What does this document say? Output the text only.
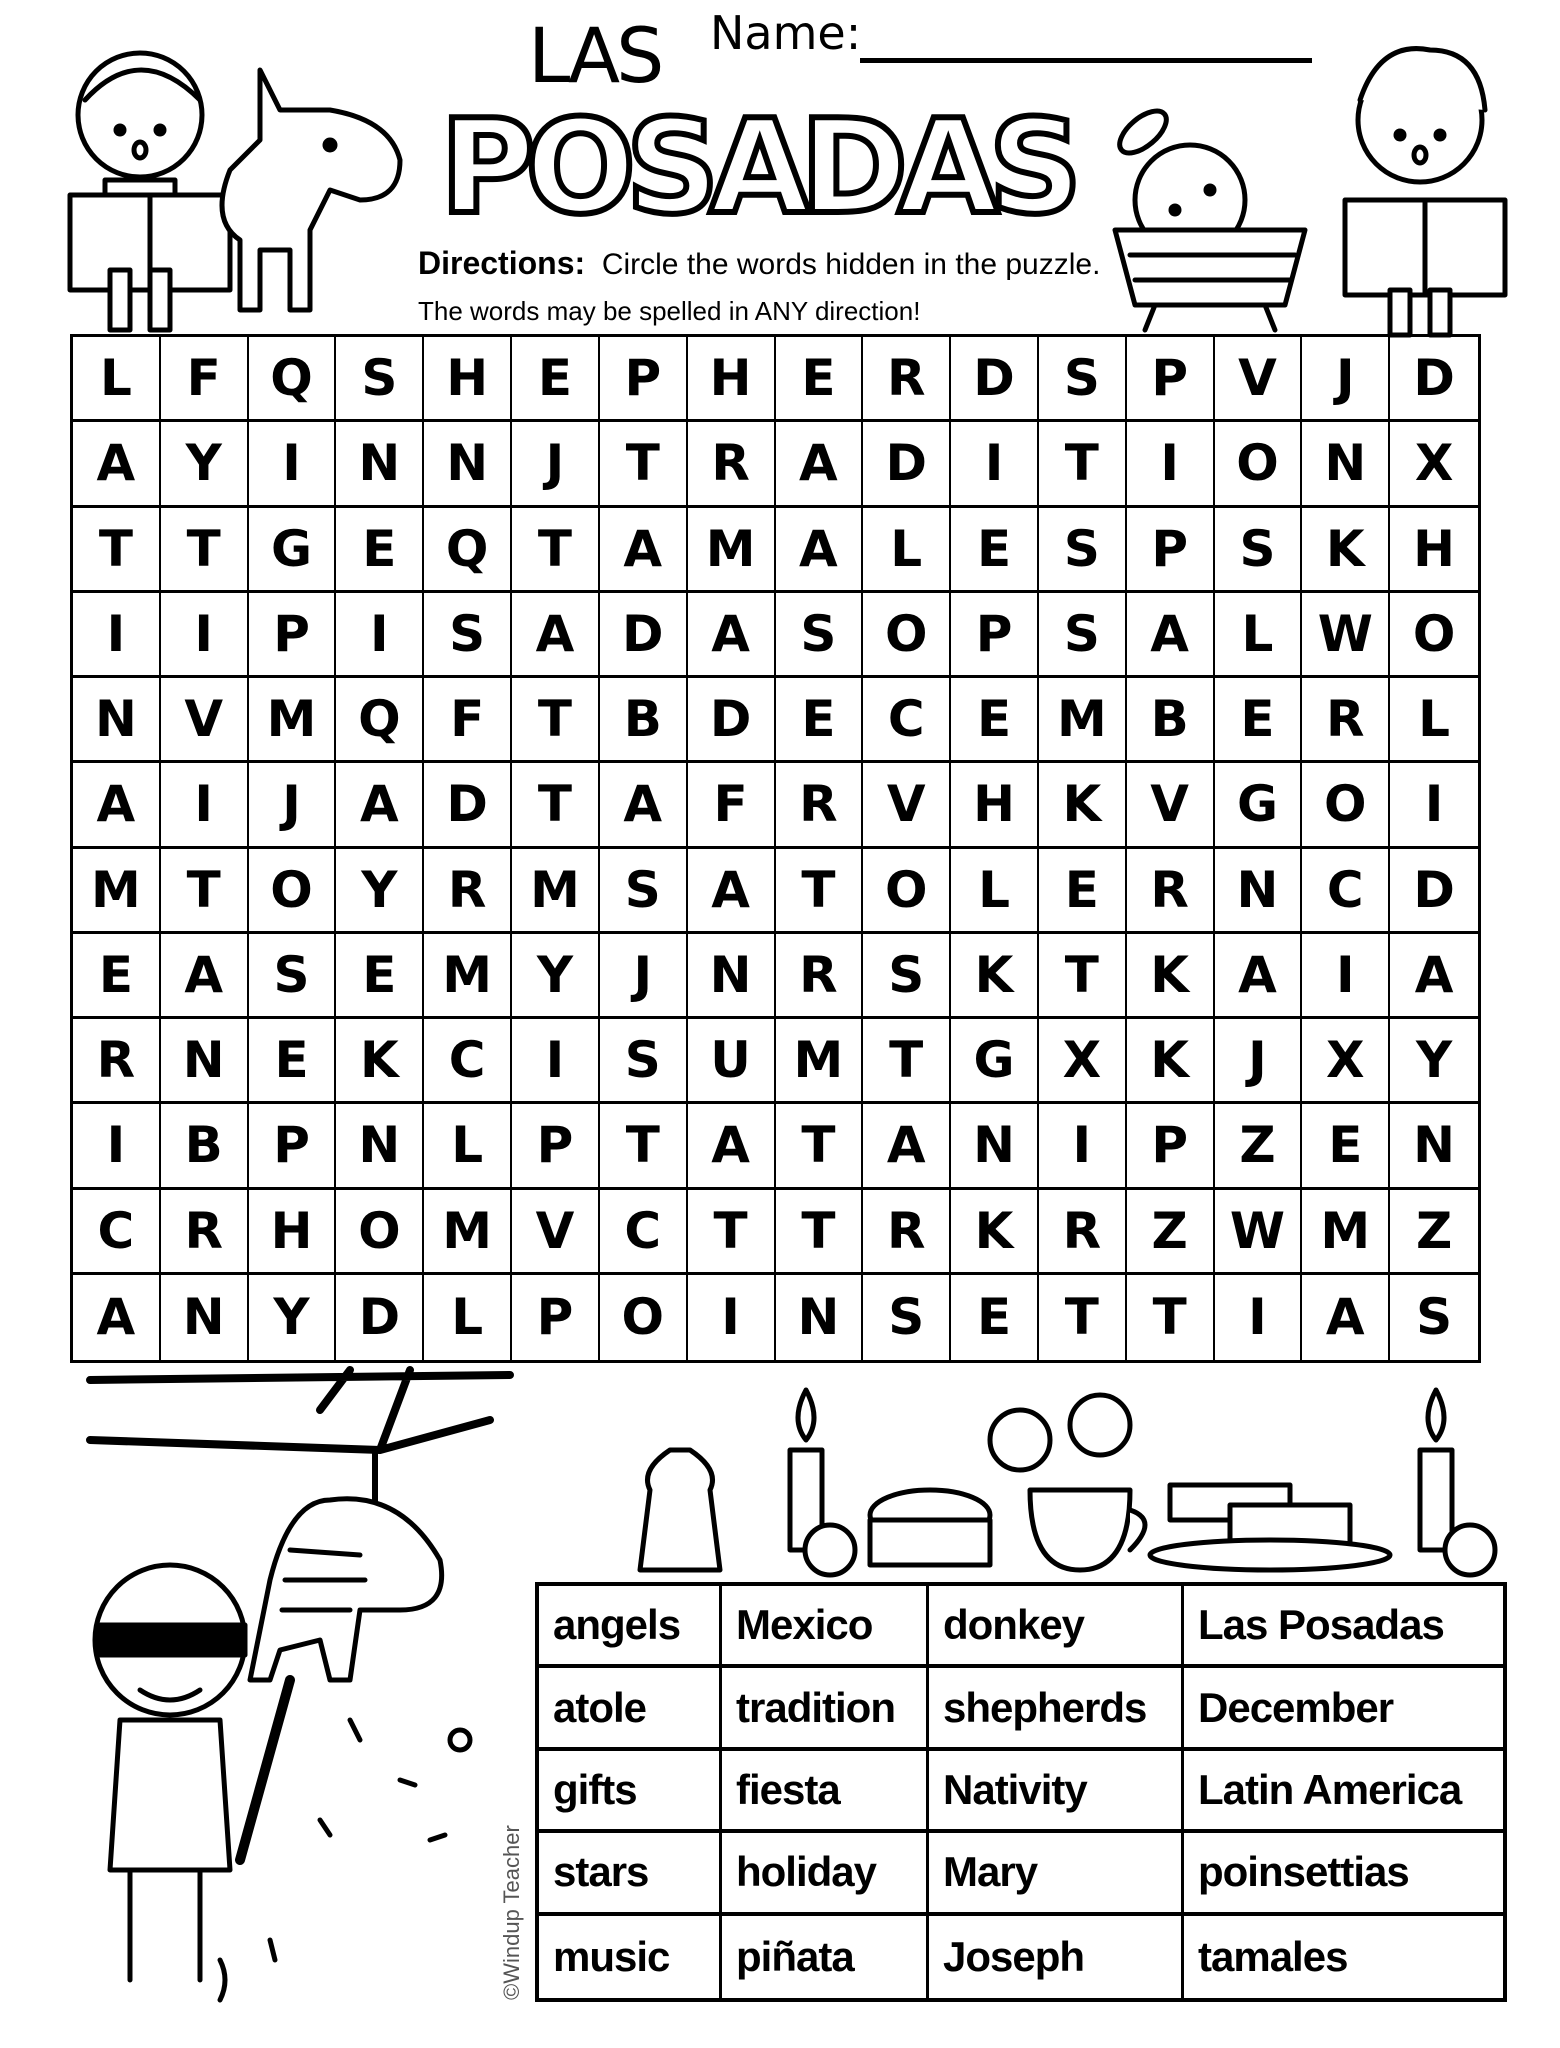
Name:
LAS
POSADAS
Directions: Circle the words hidden in the puzzle.
The words may be spelled in ANY direction!
L	F Q S H E	P H E	R D S	P	V	J	D
A	Y	I	N N	J	T	R A D	I	T	I	O N X
T	T	G	E Q T	A M A	L	E	S	P	S	K H
I	I	P	I	S	A D A	S O P	S	A	L W O
N V M Q F	T	B D E	C	E M B	E	R	L
A	I	J	A D	T	A	F	R V H K V G O	I
M T O Y	R M S	A	T O	L	E	R N C D
E	A	S	E M Y	J	N R	S	K	T	K A	I	A
R N E	K	C	I	S U M T	G X K	J	X	Y
I	B	P N	L	P	T	A	T	A N	I	P	Z	E	N
C	R H O M V	C	T	T	R K R	Z W M Z
A N Y D	L	P O	I	N S	E	T	T	I	A	S
angels	Mexico	donkey	Las Posadas
atole	tradition	shepherds	December
gifts	fiesta	Nativity	Latin America
stars	holiday	Mary	poinsettias
music	piñata	Joseph	tamales
©Windup Teacher
